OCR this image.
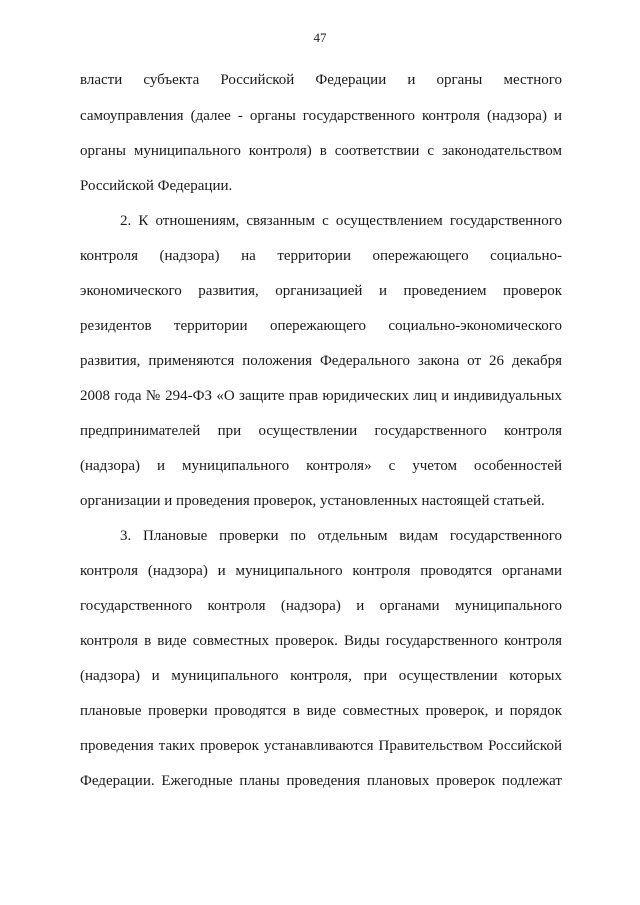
47
власти субъекта Российской Федерации и органы местного
самоуправления (далее - органы государственного контроля (надзора) и
органы муниципального контроля) в соответствии с законодательством
Российской Федерации.
2. К отношениям, связанным с осуществлением государственного
контроля (надзора) на территории опережающего социально-
экономического развития, организацией и проведением проверок
резидентов территории опережающего социально-экономического
развития, применяются положения Федерального закона от 26 декабря
2008 года № 294-ФЗ «О защите прав юридических лиц и индивидуальных
предпринимателей при осуществлении государственного контроля
(надзора) и муниципального контроля» с учетом особенностей
организации и проведения проверок, установленных настоящей статьей.
3. Плановые проверки по отдельным видам государственного
контроля (надзора) и муниципального контроля проводятся органами
государственного контроля (надзора) и органами муниципального
контроля в виде совместных проверок. Виды государственного контроля
(надзора) и муниципального контроля, при осуществлении которых
плановые проверки проводятся в виде совместных проверок, и порядок
проведения таких проверок устанавливаются Правительством Российской
Федерации. Ежегодные планы проведения плановых проверок подлежат
